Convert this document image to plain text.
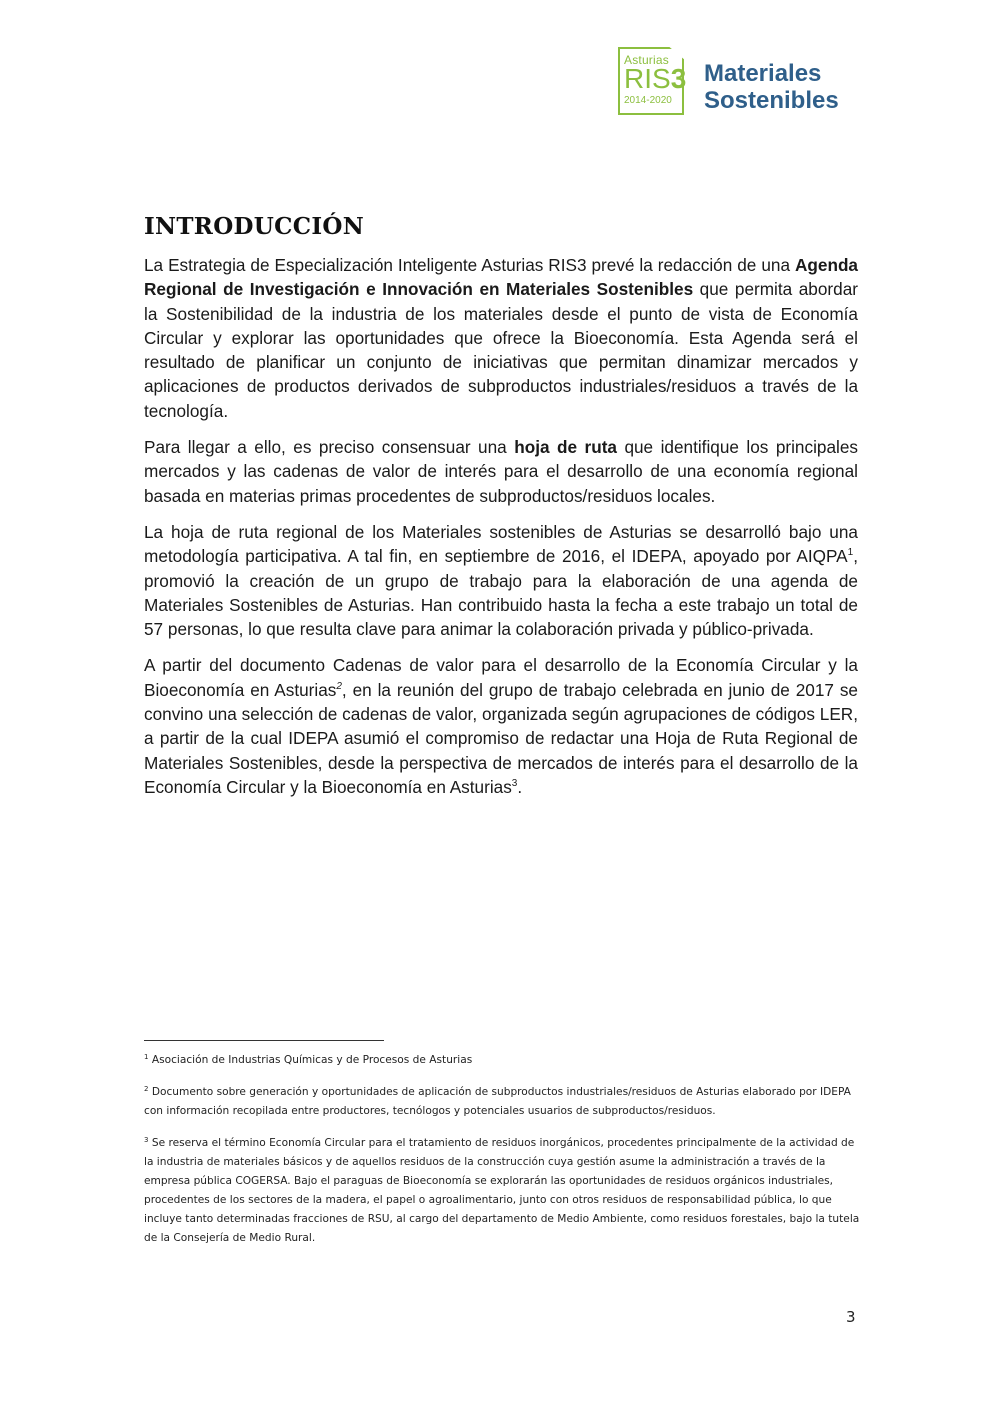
Asturias
RIS3
2014-2020
Materiales
Sostenibles
INTRODUCCIÓN

La Estrategia de Especialización Inteligente Asturias RIS3 prevé la redacción de una Agenda Regional de Investigación e Innovación en Materiales Sostenibles que permita abordar la Sostenibilidad de la industria de los materiales desde el punto de vista de Economía Circular y explorar las oportunidades que ofrece la Bioeconomía. Esta Agenda será el resultado de planificar un conjunto de iniciativas que permitan dinamizar mercados y aplicaciones de productos derivados de subproductos industriales/residuos a través de la tecnología.

Para llegar a ello, es preciso consensuar una hoja de ruta que identifique los principales mercados y las cadenas de valor de interés para el desarrollo de una economía regional basada en materias primas procedentes de subproductos/residuos locales.

La hoja de ruta regional de los Materiales sostenibles de Asturias se desarrolló bajo una metodología participativa. A tal fin, en septiembre de 2016, el IDEPA, apoyado por AIQPA$^1$, promovió la creación de un grupo de trabajo para la elaboración de una agenda de Materiales Sostenibles de Asturias. Han contribuido hasta la fecha a este trabajo un total de 57 personas, lo que resulta clave para animar la colaboración privada y público-privada.

A partir del documento Cadenas de valor para el desarrollo de la Economía Circular y la Bioeconomía en Asturias$^2$, en la reunión del grupo de trabajo celebrada en junio de 2017 se convino una selección de cadenas de valor, organizada según agrupaciones de códigos LER, a partir de la cual IDEPA asumió el compromiso de redactar una Hoja de Ruta Regional de Materiales Sostenibles, desde la perspectiva de mercados de interés para el desarrollo de la Economía Circular y la Bioeconomía en Asturias$^3$.

$^1$ Asociación de Industrias Químicas y de Procesos de Asturias

$^2$ Documento sobre generación y oportunidades de aplicación de subproductos industriales/residuos de Asturias elaborado por IDEPA con información recopilada entre productores, tecnólogos y potenciales usuarios de subproductos/residuos.

$^3$ Se reserva el término Economía Circular para el tratamiento de residuos inorgánicos, procedentes principalmente de la actividad de la industria de materiales básicos y de aquellos residuos de la construcción cuya gestión asume la administración a través de la empresa pública COGERSA. Bajo el paraguas de Bioeconomía se explorarán las oportunidades de residuos orgánicos industriales, procedentes de los sectores de la madera, el papel o agroalimentario, junto con otros residuos de responsabilidad pública, lo que incluye tanto determinadas fracciones de RSU, al cargo del departamento de Medio Ambiente, como residuos forestales, bajo la tutela de la Consejería de Medio Rural.

3
